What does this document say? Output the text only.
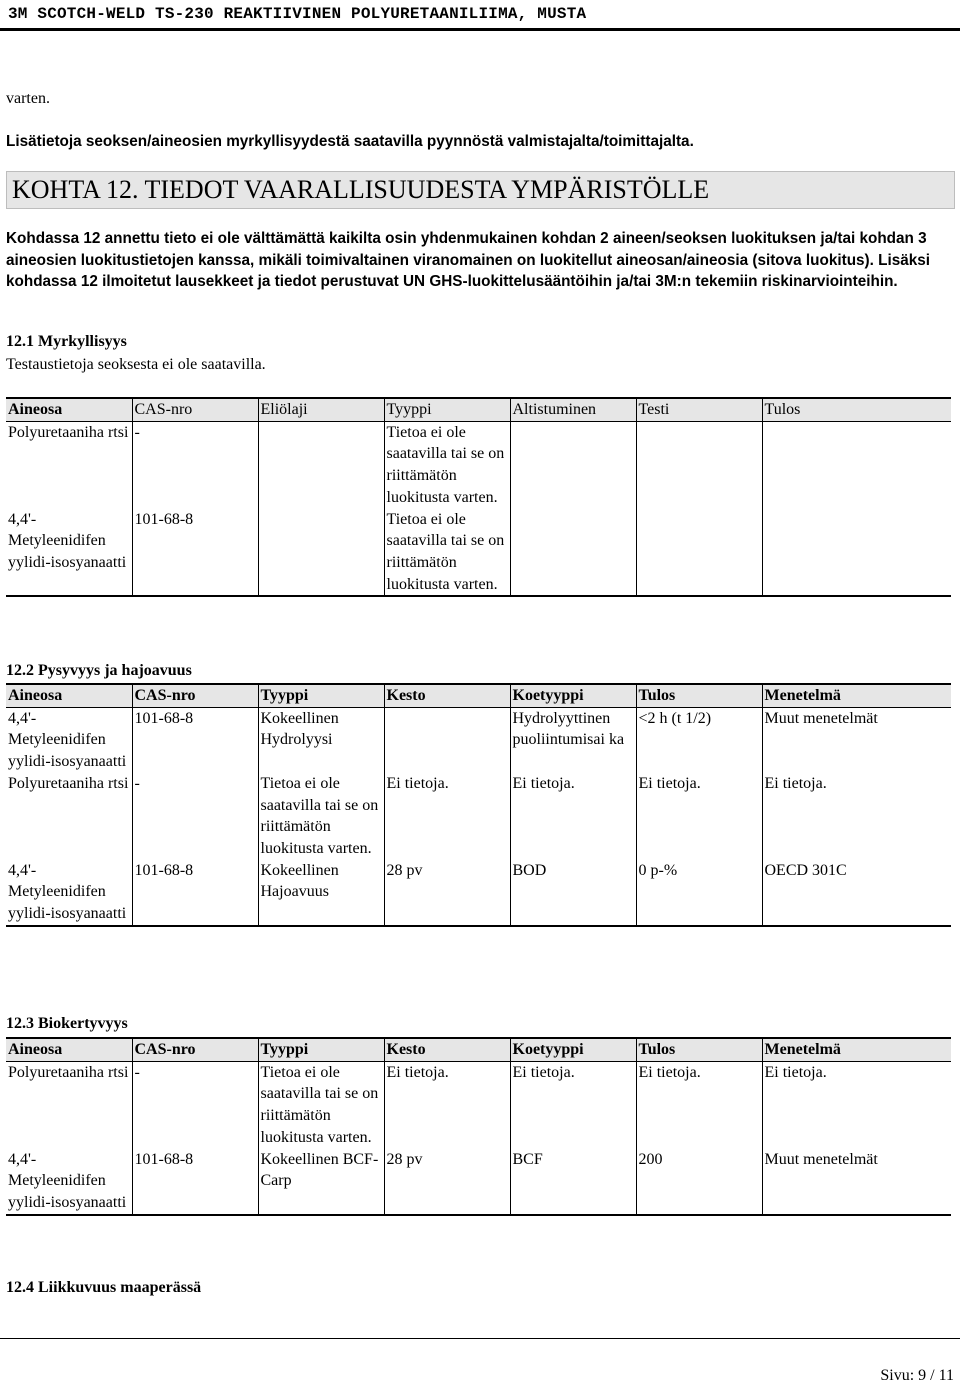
3M SCOTCH-WELD TS-230 REAKTIIVINEN POLYURETAANILIIMA, MUSTA
varten.
Lisätietoja seoksen/aineosien myrkyllisyydestä saatavilla pyynnöstä valmistajalta/toimittajalta.
KOHTA 12. TIEDOT VAARALLISUUDESTA YMPÄRISTÖLLE
Kohdassa 12 annettu tieto ei ole välttämättä kaikilta osin yhdenmukainen kohdan 2 aineen/seoksen luokituksen ja/tai kohdan 3 aineosien luokitustietojen kanssa, mikäli toimivaltainen viranomainen on luokitellut aineosan/aineosia (sitova luokitus). Lisäksi kohdassa 12 ilmoitetut lausekkeet ja tiedot perustuvat UN GHS-luokittelusääntöihin ja/tai 3M:n tekemiin riskinarviointeihin.
12.1 Myrkyllisyys
Testaustietoja seoksesta ei ole saatavilla.
Aineosa	CAS-nro	Eliölaji	Tyyppi	Altistuminen	Testi	Tulos
Polyuretaaniha rtsi	-		Tietoa ei ole saatavilla tai se on riittämätön luokitusta varten.			
4,4'-Metyleenidifen yylidi-isosyanaatti	101-68-8		Tietoa ei ole saatavilla tai se on riittämätön luokitusta varten.			
12.2 Pysyvyys ja hajoavuus
Aineosa	CAS-nro	Tyyppi	Kesto	Koetyyppi	Tulos	Menetelmä
4,4'-Metyleenidifen yylidi-isosyanaatti	101-68-8	Kokeellinen Hydrolyysi		Hydrolyyttinen puoliintumisai ka	<2 h (t 1/2)	Muut menetelmät
Polyuretaaniha rtsi	-	Tietoa ei ole saatavilla tai se on riittämätön luokitusta varten.	Ei tietoja.	Ei tietoja.	Ei tietoja.	Ei tietoja.
4,4'-Metyleenidifen yylidi-isosyanaatti	101-68-8	Kokeellinen Hajoavuus	28 pv	BOD	0 p-%	OECD 301C
12.3 Biokertyvyys
Aineosa	CAS-nro	Tyyppi	Kesto	Koetyyppi	Tulos	Menetelmä
Polyuretaaniha rtsi	-	Tietoa ei ole saatavilla tai se on riittämätön luokitusta varten.	Ei tietoja.	Ei tietoja.	Ei tietoja.	Ei tietoja.
4,4'-Metyleenidifen yylidi-isosyanaatti	101-68-8	Kokeellinen BCF-Carp	28 pv	BCF	200	Muut menetelmät
12.4 Liikkuvuus maaperässä
Sivu: 9 / 11
